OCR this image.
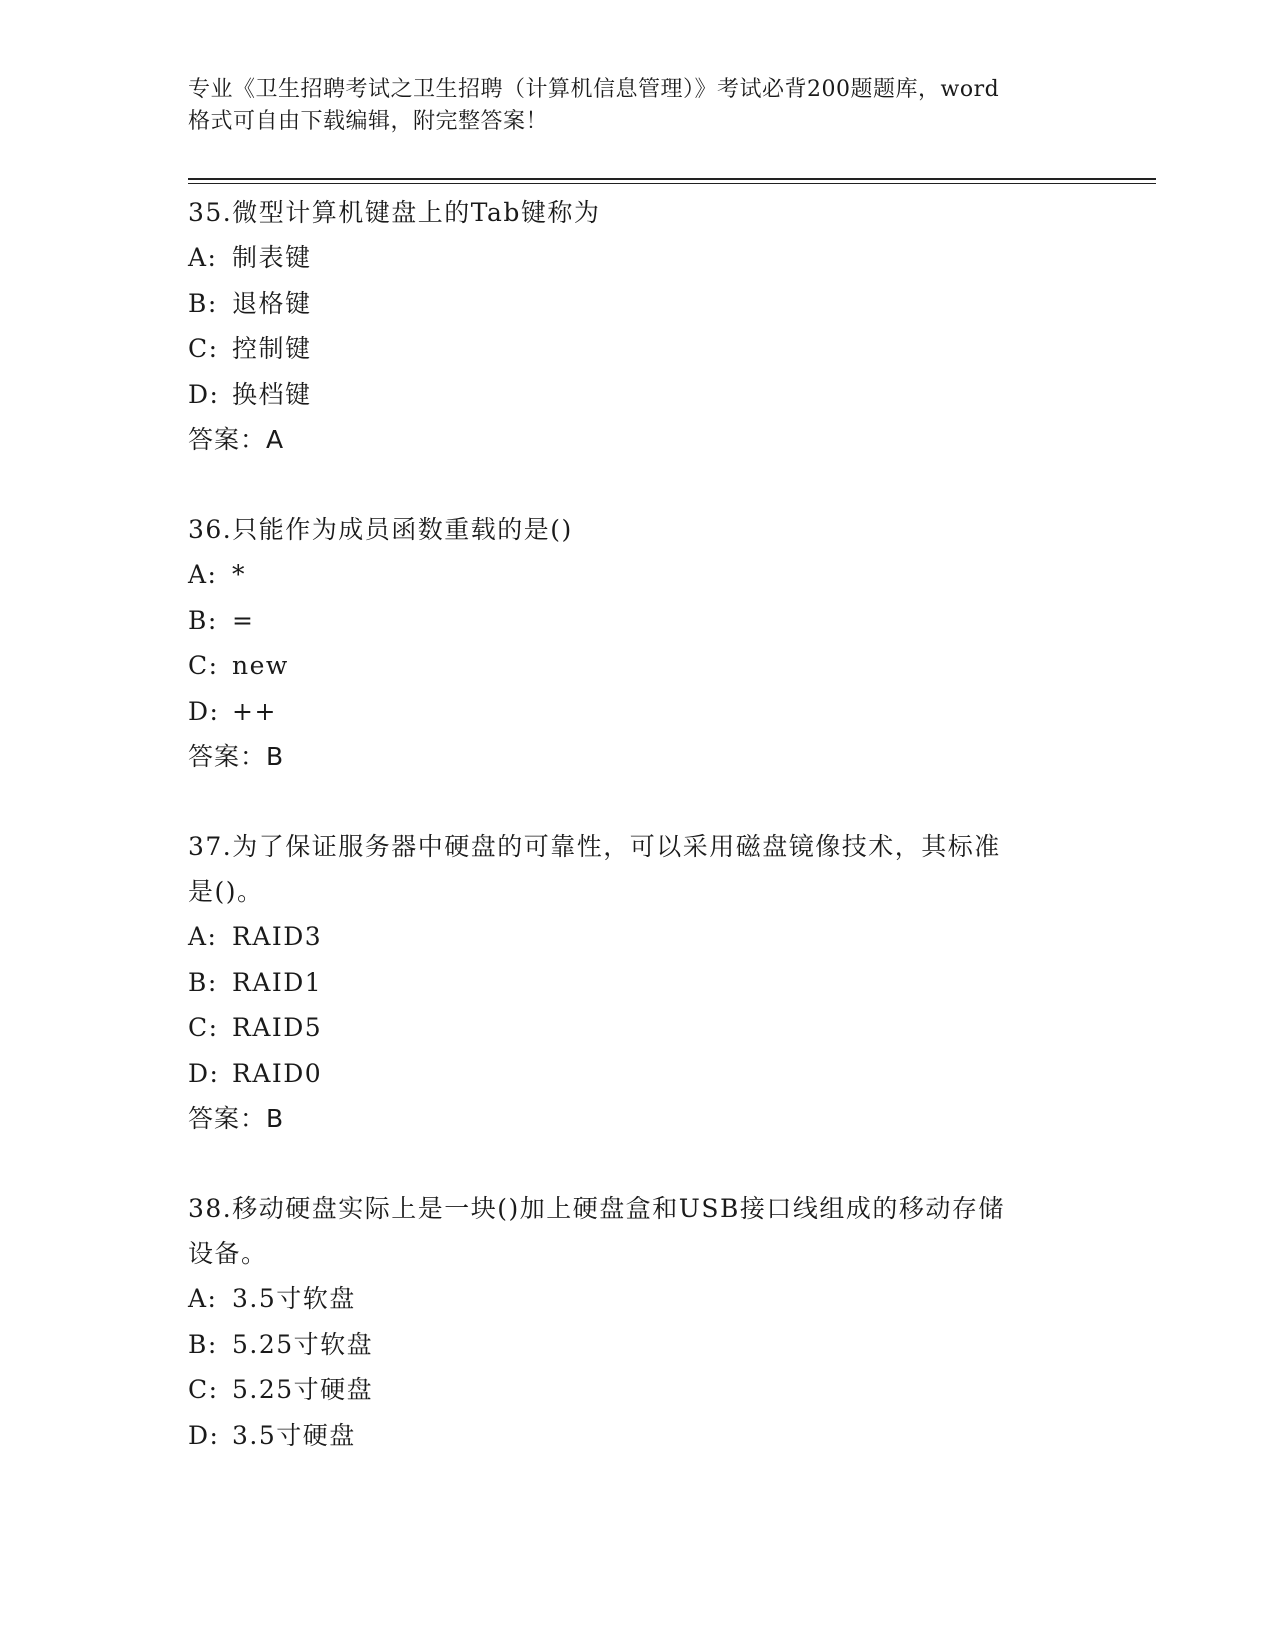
专业《卫生招聘考试之卫生招聘（计算机信息管理）》考试必背200题题库，word
格式可自由下载编辑，附完整答案！
35.微型计算机键盘上的Tab键称为
A: 制表键
B: 退格键
C: 控制键
D: 换档键
答案：A
36.只能作为成员函数重载的是()
A: *
B: =
C: new
D: ++
答案：B
37.为了保证服务器中硬盘的可靠性，可以采用磁盘镜像技术，其标准
是()。
A: RAID3
B: RAID1
C: RAID5
D: RAID0
答案：B
38.移动硬盘实际上是一块()加上硬盘盒和USB接口线组成的移动存储
设备。
A: 3.5寸软盘
B: 5.25寸软盘
C: 5.25寸硬盘
D: 3.5寸硬盘
